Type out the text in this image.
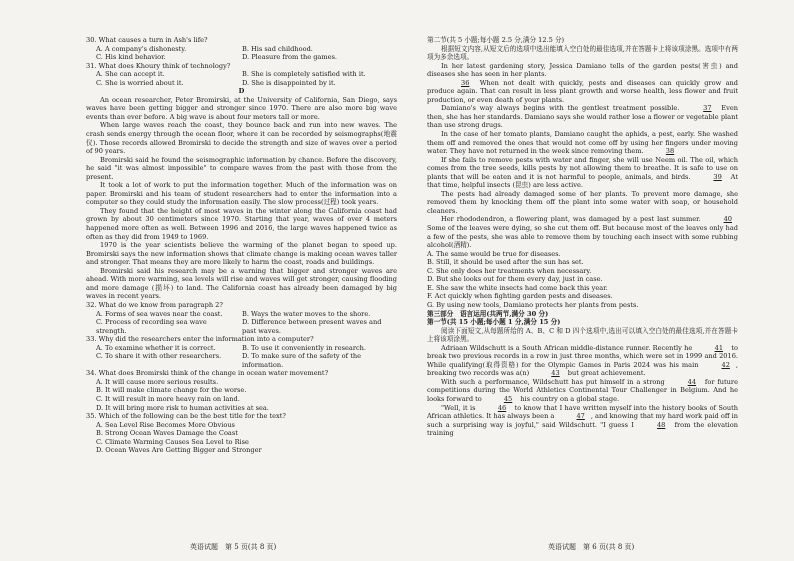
30. What causes a turn in Ash's life?

A. A company's dishonesty.	B. His sad childhood.
C. His kind behavior.	D. Pleasure from the games.

31. What does Khoury think of technology?

A. She can accept it.	B. She is completely satisfied with it.
C. She is worried about it.	D. She is disappointed by it.
D

An ocean researcher, Peter Bromirski, at the University of California, San Diego, says waves have been getting bigger and stronger since 1970. There are also more big wave events than ever before. A big wave is about four meters tall or more.

When large waves reach the coast, they bounce back and run into new waves. The crash sends energy through the ocean floor, where it can be recorded by seismographs(地震仪). Those records allowed Bromirski to decide the strength and size of waves over a period of 90 years.

Bromirski said he found the seismographic information by chance. Before the discovery, he said "it was almost impossible" to compare waves from the past with those from the present.

It took a lot of work to put the information together. Much of the information was on paper. Bromirski and his team of student researchers had to enter the information into a computer so they could study the information easily. The slow process(过程) took years.

They found that the height of most waves in the winter along the California coast had grown by about 30 centimeters since 1970. Starting that year, waves of over 4 meters happened more often as well. Between 1996 and 2016, the large waves happened twice as often as they did from 1949 to 1969.

1970 is the year scientists believe the warming of the planet began to speed up. Bromirski says the new information shows that climate change is making ocean waves taller and stronger. That means they are more likely to harm the coast, roads and buildings.

Bromirski said his research may be a warning that bigger and stronger waves are ahead. With more warming, sea levels will rise and waves will get stronger, causing flooding and more damage (损坏) to land. The California coast has already been damaged by big waves in recent years.

32. What do we know from paragraph 2?

A. Forms of sea waves near the coast.	B. Ways the water moves to the shore.
C. Process of recording sea wave strength.
D. Difference between present waves and past waves.

33. Why did the researchers enter the information into a computer?

A. To examine whether it is correct.	B. To use it conveniently in research.
C. To share it with other researchers.	D. To make sure of the safety of the information.

34. What does Bromirski think of the change in ocean water movement?

A. It will cause more serious results.
B. It will make climate change for the worse.
C. It will result in more heavy rain on land.
D. It will bring more risk to human activities at sea.

35. Which of the following can be the best title for the text?

A. Sea Level Rise Becomes More Obvious
B. Strong Ocean Waves Damage the Coast
C. Climate Warming Causes Sea Level to Rise
D. Ocean Waves Are Getting Bigger and Stronger
英语试题　第 5 页(共 8 页)

第二节(共 5 小题;每小题 2.5 分,满分 12.5 分)

根据短文内容,从短文后的选项中选出能填入空白处的最佳选项,并在答题卡上将该项涂黑。选项中有两项为多余选项。

In her latest gardening story, Jessica Damiano tells of the garden pests(害虫) and diseases she has seen in her plants.

36 When not dealt with quickly, pests and diseases can quickly grow and produce again. That can result in less plant growth and worse health, less flower and fruit production, or even death of your plants.

Damiano's way always begins with the gentlest treatment possible.	37 Even then, she has her standards. Damiano says she would rather lose a flower or vegetable plant than use strong drugs.

In the case of her tomato plants, Damiano caught the aphids, a pest, early. She washed them off and removed the ones that would not come off by using her fingers under moving water. They have not returned in the week since removing them.	38

If she fails to remove pests with water and finger, she will use Neem oil. The oil, which comes from the tree seeds, kills pests by not allowing them to breathe. It is safe to use on plants that will be eaten and it is not harmful to people, animals, and birds.	39 At that time, helpful insects (昆虫) are less active.

The pests had already damaged some of her plants. To prevent more damage, she removed them by knocking them off the plant into some water with soap, or household cleaners.

Her rhododendron, a flowering plant, was damaged by a pest last summer.	40 Some of the leaves were dying, so she cut them off. But because most of the leaves only had a few of the pests, she was able to remove them by touching each insect with some rubbing alcohol(酒精).

A. The same would be true for diseases.
B. Still, it should be used after the sun has set.
C. She only does her treatments when necessary.
D. But she looks out for them every day, just in case.
E. She saw the white insects had come back this year.
F. Act quickly when fighting garden pests and diseases.
G. By using new tools, Damiano protects her plants from pests.

第三部分　语言运用(共两节,满分 30 分)

第一节(共 15 小题;每小题 1 分,满分 15 分)

阅读下面短文,从每题所给的 A、B、C 和 D 四个选项中,选出可以填入空白处的最佳选项,并在答题卡上将该项涂黑。

Adriaan Wildschutt is a South African middle-distance runner. Recently he	41 to break two previous records in a row in just three months, which were set in 1999 and 2016. While qualifying(取得资格) for the Olympic Games in Paris 2024 was his main	42 , breaking two records was a(n)	43 but great achievement.

With such a performance, Wildschutt has put himself in a strong	44 for future competitions during the World Athletics Continental Tour Challenger in Belgium. And he looks forward to	45 his country on a global stage.

"Well, it is	46 to know that I have written myself into the history books of South African athletics. It has always been a	47 , and knowing that my hard work paid off in such a surprising way is joyful," said Wildschutt. "I guess I	48 from the elevation training

英语试题　第 6 页(共 8 页)
